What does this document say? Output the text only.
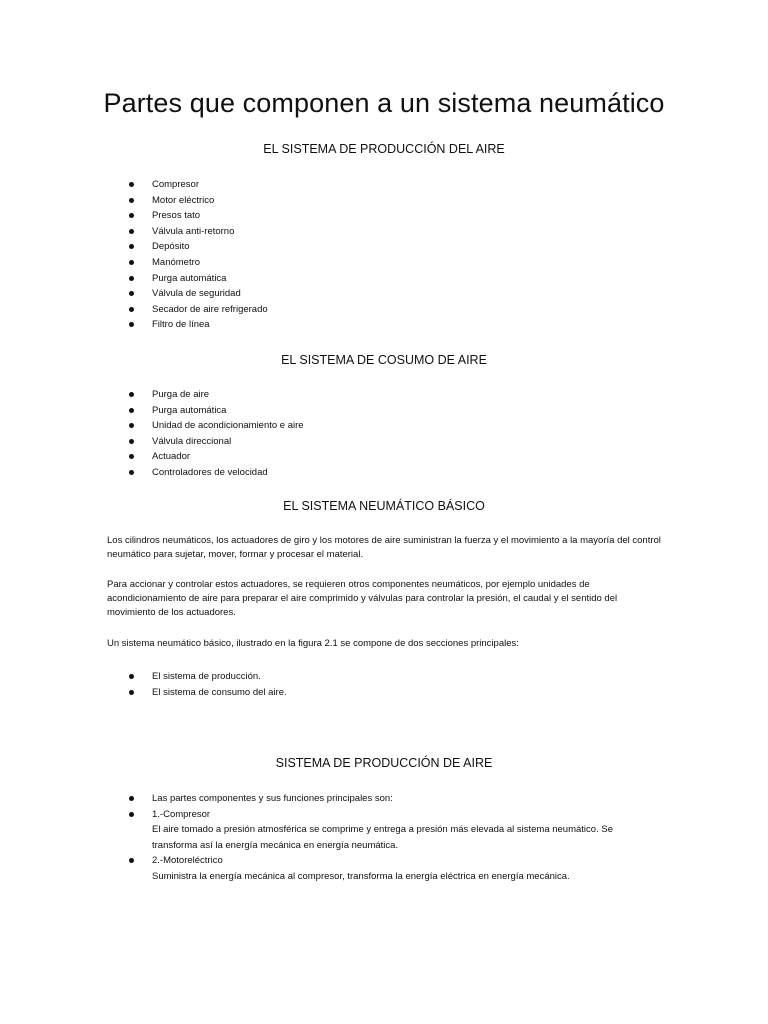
Partes que componen a un sistema neumático
EL SISTEMA DE PRODUCCIÓN DEL AIRE
Compresor
Motor eléctrico
Presos tato
Válvula anti-retorno
Depósito
Manómetro
Purga automática
Válvula de seguridad
Secador de aire refrigerado
Filtro de línea
EL SISTEMA DE COSUMO DE AIRE
Purga de aire
Purga automática
Unidad de acondicionamiento e aire
Válvula direccional
Actuador
Controladores de velocidad
EL SISTEMA NEUMÁTICO BÁSICO

Los cilindros neumáticos, los actuadores de giro y los motores de aire suministran la fuerza y el movimiento a la mayoría del control neumático para sujetar, mover, formar y procesar el material.

Para accionar y controlar estos actuadores, se requieren otros componentes neumáticos, por ejemplo unidades de acondicionamiento de aire para preparar el aire comprimido y válvulas para controlar la presión, el caudal y el sentido del movimiento de los actuadores.

Un sistema neumático básico, ilustrado en la figura 2.1 se compone de dos secciones principales:

El sistema de producción.
El sistema de consumo del aire.
SISTEMA DE PRODUCCIÓN DE AIRE
Las partes componentes y sus funciones principales son:
1.-Compresor
El aire tomado a presión atmosférica se comprime y entrega a presión más elevada al sistema neumático. Se
transforma así la energía mecánica en energía neumática.
2.-Motoreléctrico
Suministra la energía mecánica al compresor, transforma la energía eléctrica en energía mecánica.
